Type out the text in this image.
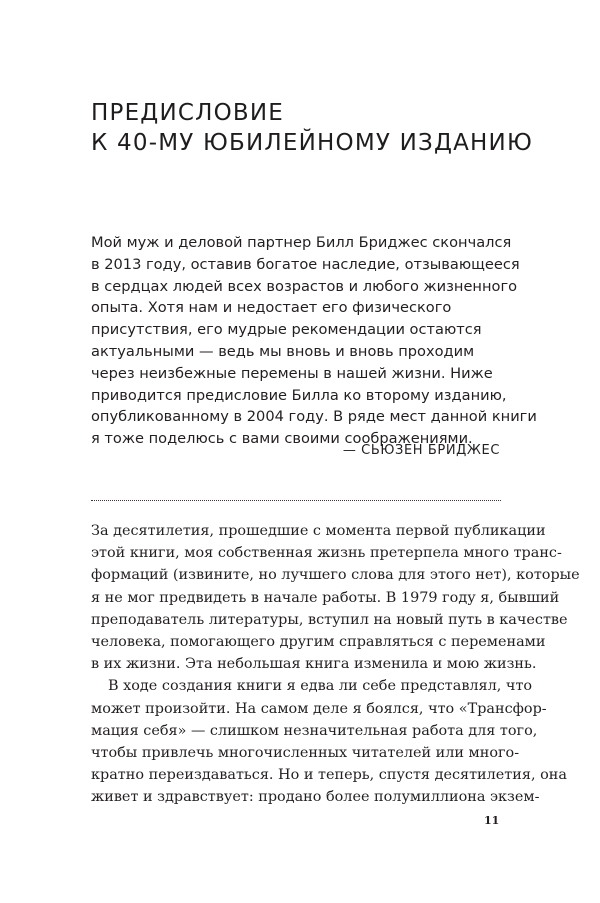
ПРЕДИСЛОВИЕ
К 40-МУ ЮБИЛЕЙНОМУ ИЗДАНИЮ
Мой муж и деловой партнер Билл Бриджес скончался
в 2013 году, оставив богатое наследие, отзывающееся
в сердцах людей всех возрастов и любого жизненного
опыта. Хотя нам и недостает его физического
присутствия, его мудрые рекомендации остаются
актуальными — ведь мы вновь и вновь проходим
через неизбежные перемены в нашей жизни. Ниже
приводится предисловие Билла ко второму изданию,
опубликованному в 2004 году. В ряде мест данной книги
я тоже поделюсь с вами своими соображениями.
— СЬЮЗЕН БРИДЖЕС
За десятилетия, прошедшие с момента первой публикации
этой книги, моя собственная жизнь претерпела много транс-
формаций (извините, но лучшего слова для этого нет), которые
я не мог предвидеть в начале работы. В 1979 году я, бывший
преподаватель литературы, вступил на новый путь в качестве
человека, помогающего другим справляться с переменами
в их жизни. Эта небольшая книга изменила и мою жизнь.
В ходе создания книги я едва ли себе представлял, что
может произойти. На самом деле я боялся, что «Трансфор-
мация себя» — слишком незначительная работа для того,
чтобы привлечь многочисленных читателей или много-
кратно переиздаваться. Но и теперь, спустя десятилетия, она
живет и здравствует: продано более полумиллиона экзем-
11
